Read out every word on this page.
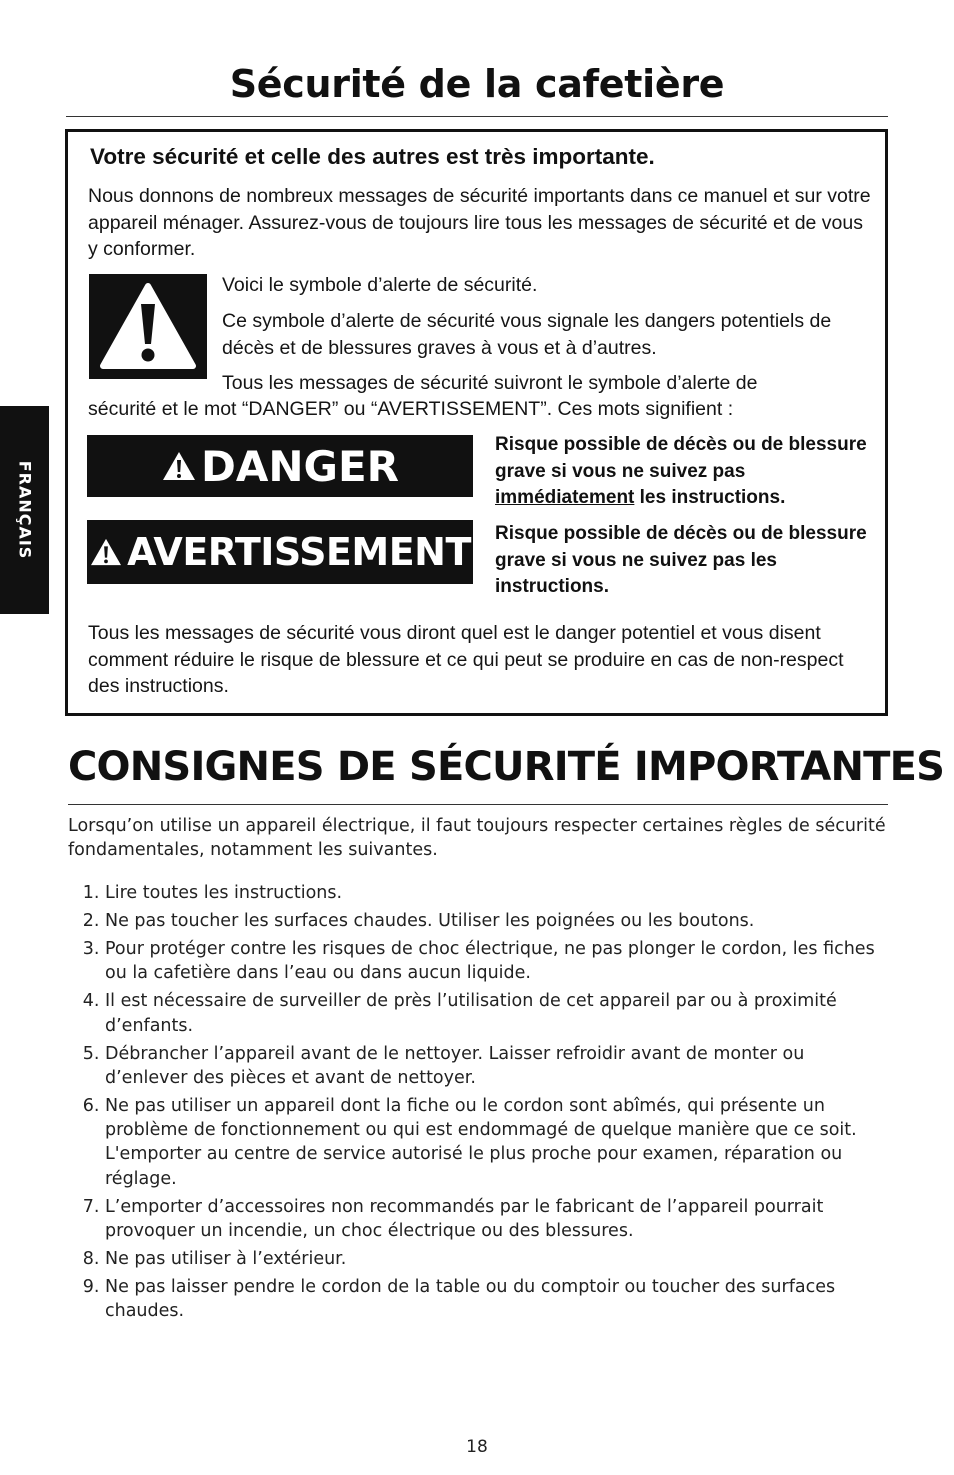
Sécurité de la cafetière
FRANÇAIS
Votre sécurité et celle des autres est très importante.

Nous donnons de nombreux messages de sécurité importants dans ce manuel et sur votre appareil ménager. Assurez-vous de toujours lire tous les messages de sécurité et de vous y conformer.

Voici le symbole d’alerte de sécurité.

Ce symbole d’alerte de sécurité vous signale les dangers potentiels de décès et de blessures graves à vous et à d’autres.

Tous les messages de sécurité suivront le symbole d’alerte de

sécurité et le mot “DANGER” ou “AVERTISSEMENT”. Ces mots signifient :

DANGER	Risque possible de décès ou de blessure grave si vous ne suivez pas immédiatement les instructions.

AVERTISSEMENT Risque possible de décès ou de blessure grave si vous ne suivez pas les instructions.

Tous les messages de sécurité vous diront quel est le danger potentiel et vous disent comment réduire le risque de blessure et ce qui peut se produire en cas de non-respect des instructions.

CONSIGNES DE SÉCURITÉ IMPORTANTES

Lorsqu’on utilise un appareil électrique, il faut toujours respecter certaines règles de sécurité fondamentales, notamment les suivantes.

1. Lire toutes les instructions.
2. Ne pas toucher les surfaces chaudes. Utiliser les poignées ou les boutons.
3. Pour protéger contre les risques de choc électrique, ne pas plonger le cordon, les fiches ou la cafetière dans l’eau ou dans aucun liquide.
4. Il est nécessaire de surveiller de près l’utilisation de cet appareil par ou à proximité d’enfants.
5. Débrancher l’appareil avant de le nettoyer. Laisser refroidir avant de monter ou d’enlever des pièces et avant de nettoyer.
6. Ne pas utiliser un appareil dont la fiche ou le cordon sont abîmés, qui présente un problème de fonctionnement ou qui est endommagé de quelque manière que ce soit. L'emporter au centre de service autorisé le plus proche pour examen, réparation ou réglage.
7. L’emporter d’accessoires non recommandés par le fabricant de l’appareil pourrait provoquer un incendie, un choc électrique ou des blessures.
8. Ne pas utiliser à l’extérieur.
9. Ne pas laisser pendre le cordon de la table ou du comptoir ou toucher des surfaces chaudes.
18
